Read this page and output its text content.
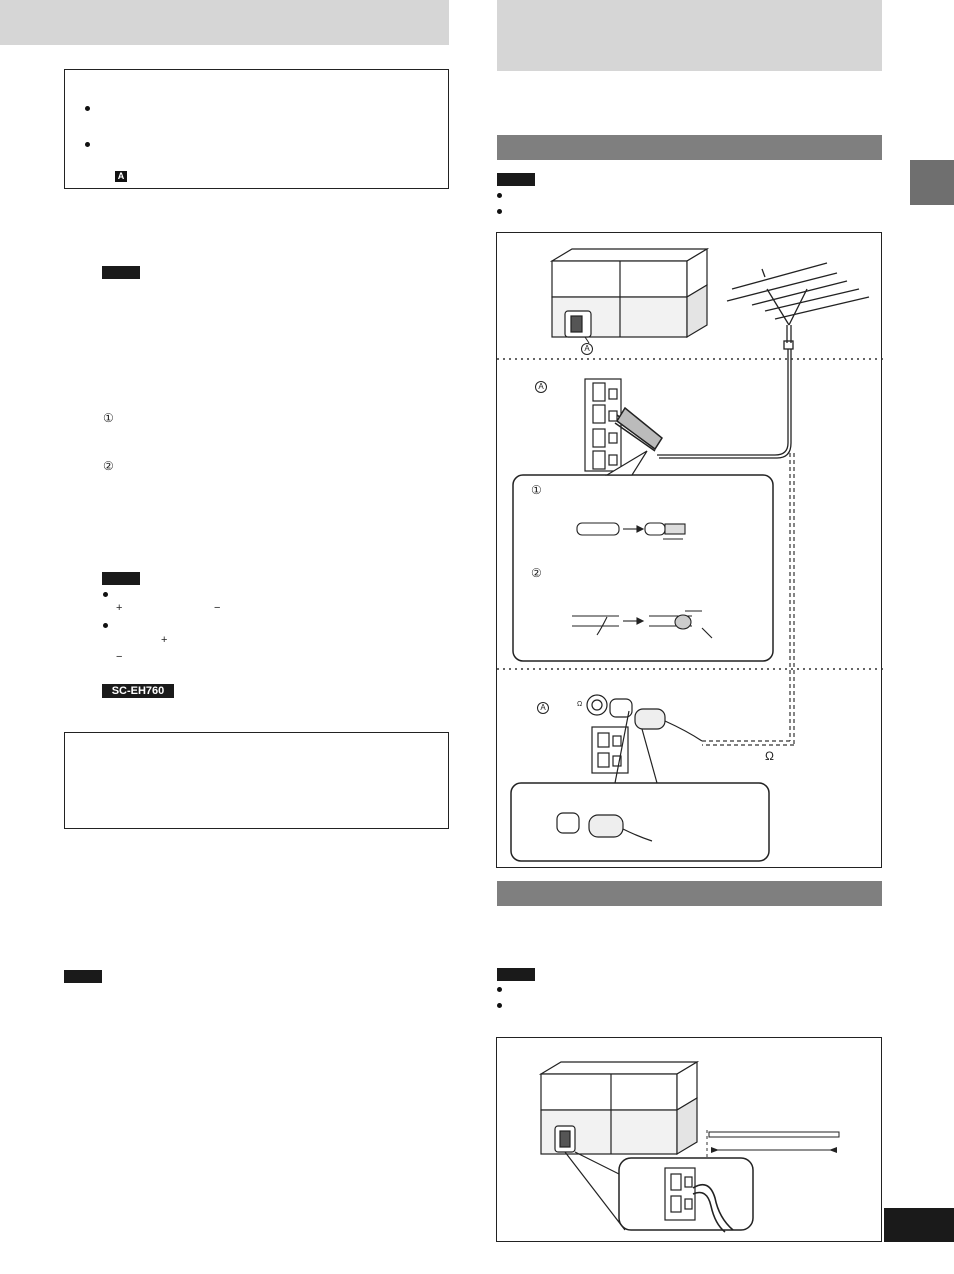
A
①
②
+	−
+
−
SC-EH760
A
A
①
②
A
Ω
Ω
